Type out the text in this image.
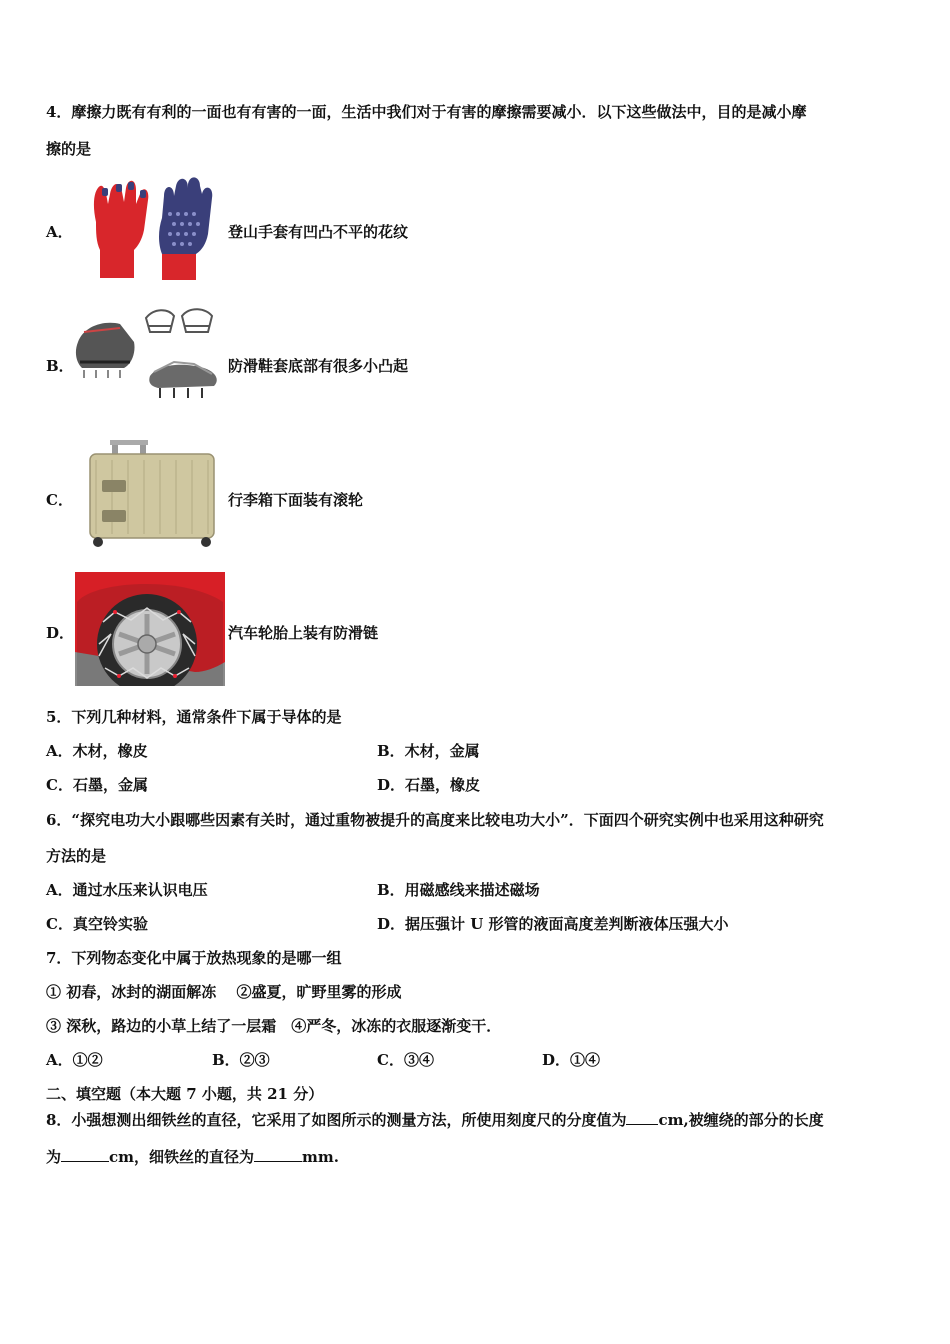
4．摩擦力既有有利的一面也有有害的一面，生活中我们对于有害的摩擦需要减小．以下这些做法中，目的是减小摩
擦的是
A．	登山手套有凹凸不平的花纹
B．	防滑鞋套底部有很多小凸起
C．	行李箱下面装有滚轮
D．	汽车轮胎上装有防滑链
5．下列几种材料，通常条件下属于导体的是
A．木材，橡皮	B．木材，金属
C．石墨，金属	D．石墨，橡皮
6．“探究电功大小跟哪些因素有关时，通过重物被提升的高度来比较电功大小”．下面四个研究实例中也采用这种研究
方法的是
A．通过水压来认识电压	B．用磁感线来描述磁场
C．真空铃实验	D．据压强计 U 形管的液面高度差判断液体压强大小
7．下列物态变化中属于放热现象的是哪一组
① 初春，冰封的湖面解冻　 ②盛夏，旷野里雾的形成
③ 深秋，路边的小草上结了一层霜　④严冬，冰冻的衣服逐渐变干．
A．①②	B．②③	C．③④	D．①④
二、填空题（本大题 7 小题，共 21 分）
8．小强想测出细铁丝的直径，它采用了如图所示的测量方法，所使用刻度尺的分度值为 cm,被缠绕的部分的长度
为	cm，细铁丝的直径为	mm.
